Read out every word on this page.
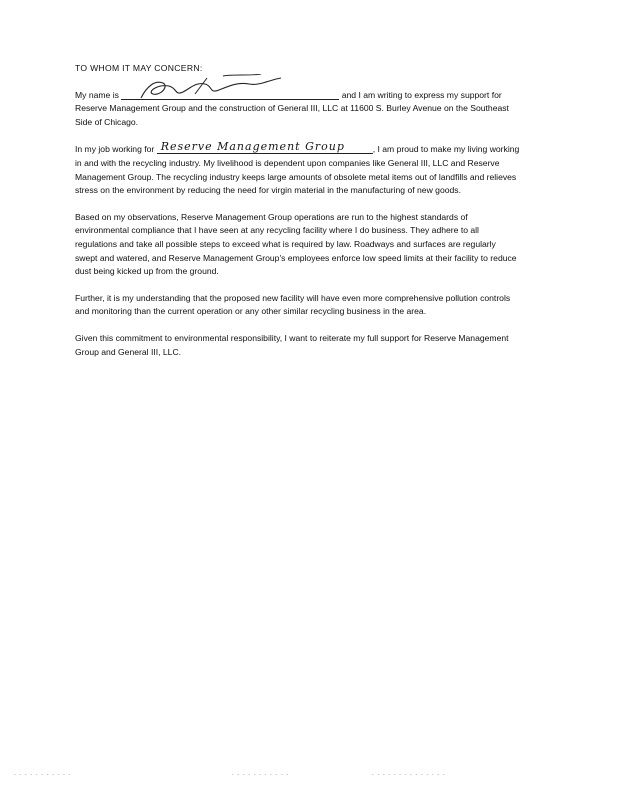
TO WHOM IT MAY CONCERN:

My name is	and I am writing to express my support for Reserve Management Group and the construction of General III, LLC at 11600 S. Burley Avenue on the Southeast Side of Chicago.

In my job working for Reserve Management Group	, I am proud to make my living working in and with the recycling industry. My livelihood is dependent upon companies like General III, LLC and Reserve Management Group. The recycling industry keeps large amounts of obsolete metal items out of landfills and relieves stress on the environment by reducing the need for virgin material in the manufacturing of new goods.

Based on my observations, Reserve Management Group operations are run to the highest standards of environmental compliance that I have seen at any recycling facility where I do business. They adhere to all regulations and take all possible steps to exceed what is required by law. Roadways and surfaces are regularly swept and watered, and Reserve Management Group's employees enforce low speed limits at their facility to reduce dust being kicked up from the ground.

Further, it is my understanding that the proposed new facility will have even more comprehensive pollution controls and monitoring than the current operation or any other similar recycling business in the area.

Given this commitment to environmental responsibility, I want to reiterate my full support for Reserve Management Group and General III, LLC.

- - - - - - - - - - -	- - - - - - - - - - -	- - - - - - - - - - - - - -
